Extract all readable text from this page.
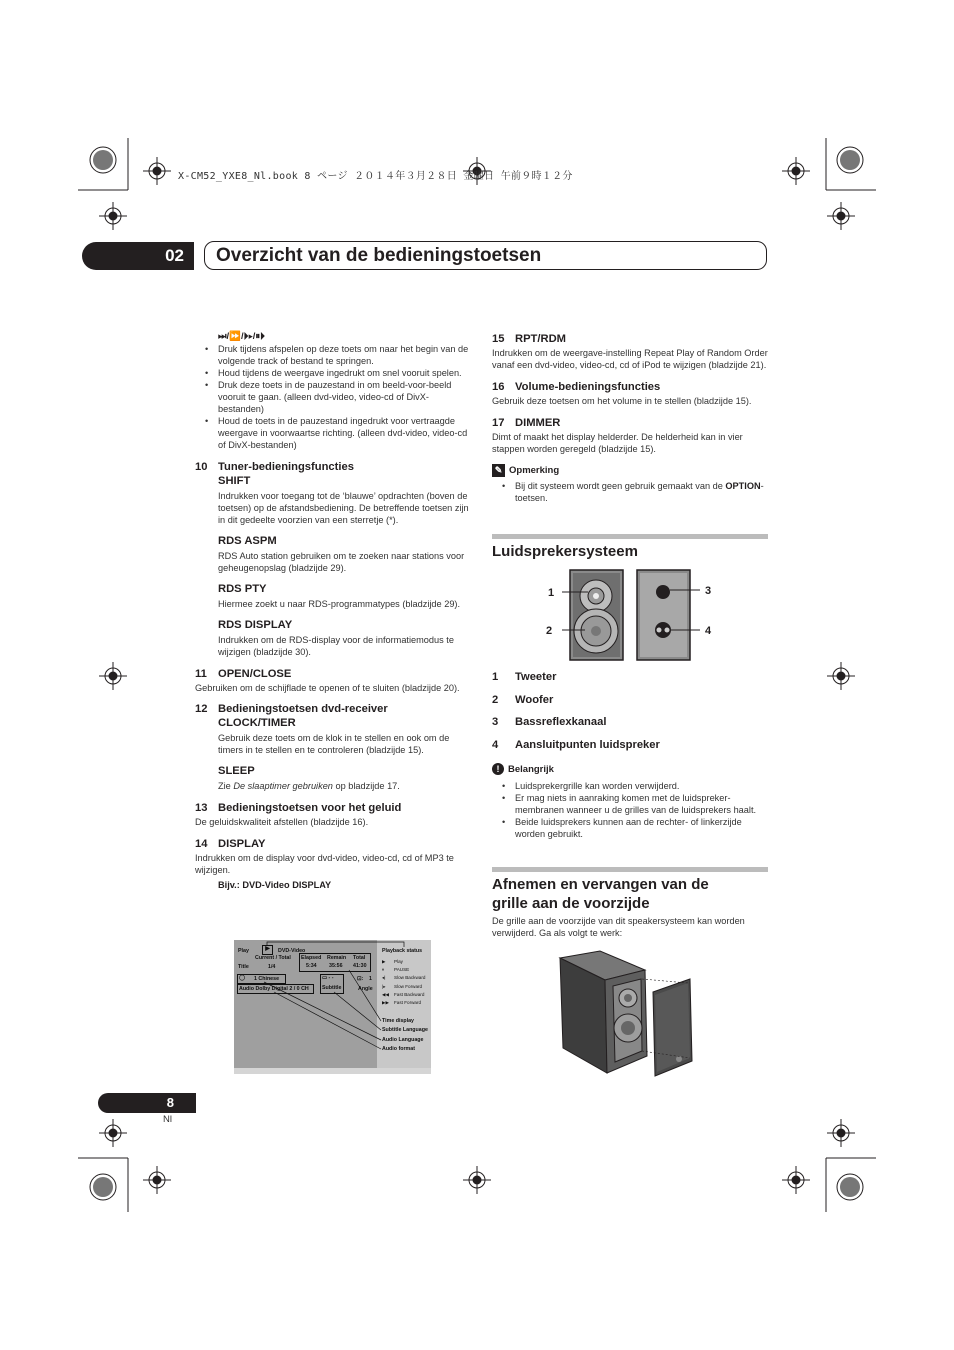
X-CM52_YXE8_Nl.book 8 ページ ２０１４年３月２８日 金曜日 午前９時１２分
02	Overzicht van de bedieningstoetsen
⏭/⏩/⏵▸/⏸⏵
• Druk tijdens afspelen op deze toets om naar het begin van de volgende track of bestand te springen.
• Houd tijdens de weergave ingedrukt om snel vooruit spelen.
• Druk deze toets in de pauzestand in om beeld-voor-beeld vooruit te gaan. (alleen dvd-video, video-cd of DivX-bestanden)
• Houd de toets in de pauzestand ingedrukt voor vertraagde weergave in voorwaartse richting. (alleen dvd-video, video-cd of DivX-bestanden)
10 Tuner-bedieningsfuncties
SHIFT
Indrukken voor toegang tot de ‘blauwe’ opdrachten (boven de toetsen) op de afstandsbediening. De betreffende toetsen zijn in dit gedeelte voorzien van een sterretje (*).
RDS ASPM
RDS Auto station gebruiken om te zoeken naar stations voor geheugenopslag (bladzijde 29).
RDS PTY
Hiermee zoekt u naar RDS-programmatypes (bladzijde 29).
RDS DISPLAY
Indrukken om de RDS-display voor de informatiemodus te wijzigen (bladzijde 30).
11 OPEN/CLOSE
Gebruiken om de schijflade te openen of te sluiten (bladzijde 20).
12 Bedieningstoetsen dvd-receiver
CLOCK/TIMER
Gebruik deze toets om de klok in te stellen en ook om de timers in te stellen en te controleren (bladzijde 15).
SLEEP
Zie De slaaptimer gebruiken op bladzijde 17.
13 Bedieningstoetsen voor het geluid
De geluidskwaliteit afstellen (bladzijde 16).
14 DISPLAY
Indrukken om de display voor dvd-video, video-cd, cd of MP3 te wijzigen.
Bijv.: DVD-Video DISPLAY
Play	▶	DVD-Video
Current / Total
Title	1/4
Elapsed Remain Total
5:34 35:56 41:30
◯ 1 Chinese	▭ - -
Subtitle
⊡: 1
Angle
Audio Dolby Digital 2 / 0 CH
Playback status
▶ Play
⏸ PAUSE
◂| Slow Backward
|▸ Slow Forward
◀◀ Fast Backward
▶▶ Fast Forward
Time display
Subtitle Language
Audio Language
Audio format
15 RPT/RDM
Indrukken om de weergave-instelling Repeat Play of Random Order vanaf een dvd-video, video-cd, cd of iPod te wijzigen (bladzijde 21).
16 Volume-bedieningsfuncties
Gebruik deze toetsen om het volume in te stellen (bladzijde 15).
17 DIMMER
Dimt of maakt het display helderder. De helderheid kan in vier stappen worden geregeld (bladzijde 15).
✎ Opmerking
• Bij dit systeem wordt geen gebruik gemaakt van de OPTION-toetsen.
Luidsprekersysteem
1
2
3
4
1 Tweeter
2 Woofer
3 Bassreflexkanaal
4 Aansluitpunten luidspreker
! Belangrijk
• Luidsprekergrille kan worden verwijderd.
• Er mag niets in aanraking komen met de luidspreker-membranen wanneer u de grilles van de luidsprekers haalt.
• Beide luidsprekers kunnen aan de rechter- of linkerzijde worden gebruikt.
Afnemen en vervangen van de
grille aan de voorzijde
De grille aan de voorzijde van dit speakersysteem kan worden verwijderd. Ga als volgt te werk:
8
Nl
